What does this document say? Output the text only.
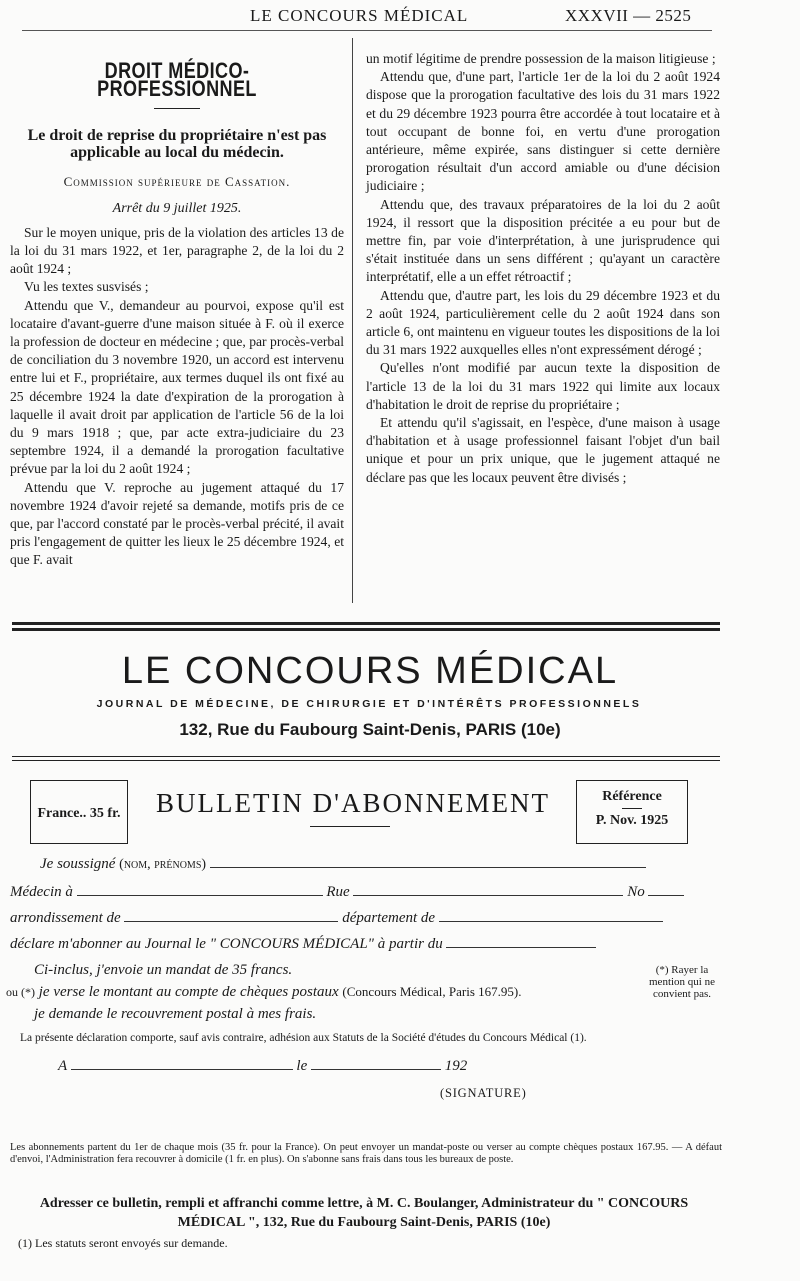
LE CONCOURS MÉDICAL	XXXVII — 2525
DROIT MÉDICO-PROFESSIONNEL
Le droit de reprise du propriétaire n'est pas applicable au local du médecin.
Commission supérieure de Cassation.
Arrêt du 9 juillet 1925.

Sur le moyen unique, pris de la violation des articles 13 de la loi du 31 mars 1922, et 1er, paragraphe 2, de la loi du 2 août 1924 ;

Vu les textes susvisés ;

Attendu que V., demandeur au pourvoi, expose qu'il est locataire d'avant-guerre d'une maison située à F. où il exerce la profession de docteur en médecine ; que, par procès-verbal de conciliation du 3 novembre 1920, un accord est intervenu entre lui et F., propriétaire, aux termes duquel ils ont fixé au 25 décembre 1924 la date d'expiration de la prorogation à laquelle il avait droit par application de l'article 56 de la loi du 9 mars 1918 ; que, par acte extra-judiciaire du 23 septembre 1924, il a demandé la prorogation facultative prévue par la loi du 2 août 1924 ;

Attendu que V. reproche au jugement attaqué du 17 novembre 1924 d'avoir rejeté sa demande, motifs pris de ce que, par l'accord constaté par le procès-verbal précité, il avait pris l'engagement de quitter les lieux le 25 décembre 1924, et que F. avait

un motif légitime de prendre possession de la maison litigieuse ;

Attendu que, d'une part, l'article 1er de la loi du 2 août 1924 dispose que la prorogation facultative des lois du 31 mars 1922 et du 29 décembre 1923 pourra être accordée à tout locataire et à tout occupant de bonne foi, en vertu d'une prorogation antérieure, même expirée, sans distinguer si cette dernière prorogation résultait d'un accord amiable ou d'une décision judiciaire ;

Attendu que, des travaux préparatoires de la loi du 2 août 1924, il ressort que la disposition précitée a eu pour but de mettre fin, par voie d'interprétation, à une jurisprudence qui s'était instituée dans un sens différent ; qu'ayant un caractère interprétatif, elle a un effet rétroactif ;

Attendu que, d'autre part, les lois du 29 décembre 1923 et du 2 août 1924, particulièrement celle du 2 août 1924 dans son article 6, ont maintenu en vigueur toutes les dispositions de la loi du 31 mars 1922 auxquelles elles n'ont expressément dérogé ;

Qu'elles n'ont modifié par aucun texte la disposition de l'article 13 de la loi du 31 mars 1922 qui limite aux locaux d'habitation le droit de reprise du propriétaire ;

Et attendu qu'il s'agissait, en l'espèce, d'une maison à usage d'habitation et à usage professionnel faisant l'objet d'un bail unique et pour un prix unique, que le jugement attaqué ne déclare pas que les locaux peuvent être divisés ;

LE CONCOURS MÉDICAL
JOURNAL DE MÉDECINE, DE CHIRURGIE ET D'INTÉRÊTS PROFESSIONNELS
132, Rue du Faubourg Saint-Denis, PARIS (10e)
France.. 35 fr.	BULLETIN D'ABONNEMENT	Référence
P. Nov. 1925
Je soussigné (nom, prénoms)
Médecin à	Rue	No
arrondissement de	département de
déclare m'abonner au Journal le " CONCOURS MÉDICAL" à partir du
Ci-inclus, j'envoie un mandat de 35 francs.
ou (*) je verse le montant au compte de chèques postaux (Concours Médical, Paris 167.95).
je demande le recouvrement postal à mes frais.
(*) Rayer la mention qui ne convient pas.
La présente déclaration comporte, sauf avis contraire, adhésion aux Statuts de la Société d'études du Concours Médical (1).
A	le	192
(SIGNATURE)
Les abonnements partent du 1er de chaque mois (35 fr. pour la France). On peut envoyer un mandat-poste ou verser au compte chèques postaux 167.95. — A défaut d'envoi, l'Administration fera recouvrer à domicile (1 fr. en plus). On s'abonne sans frais dans tous les bureaux de poste.
Adresser ce bulletin, rempli et affranchi comme lettre, à M. C. Boulanger, Administrateur du " CONCOURS MÉDICAL ", 132, Rue du Faubourg Saint-Denis, PARIS (10e)
(1) Les statuts seront envoyés sur demande.
